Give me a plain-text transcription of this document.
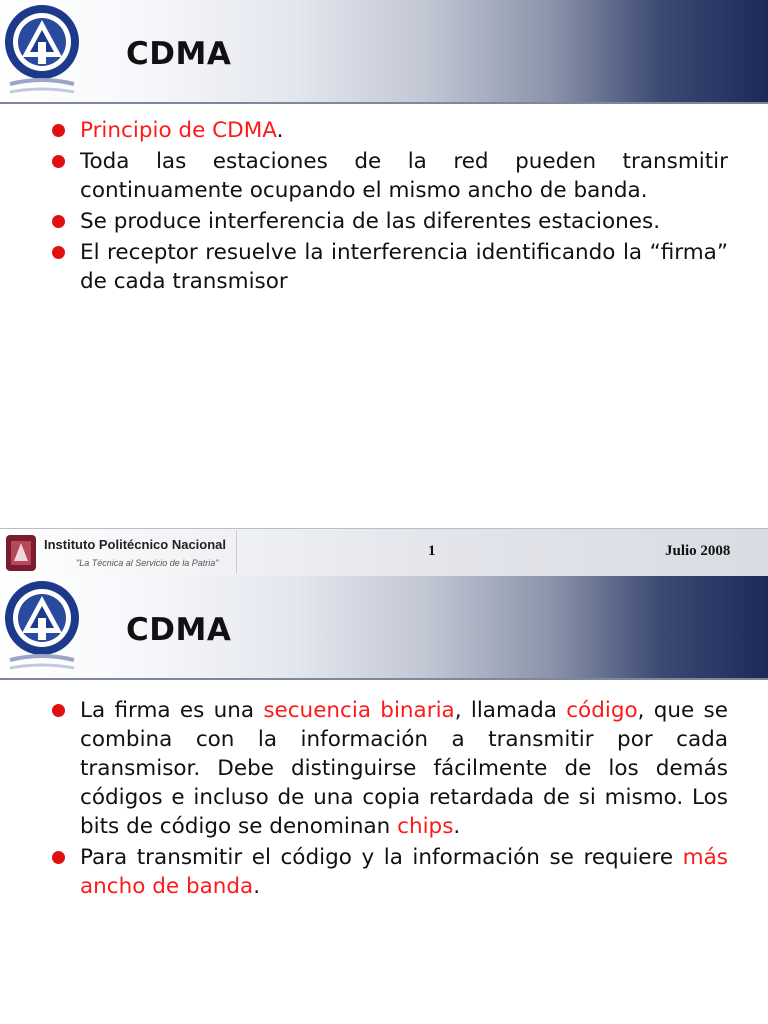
CDMA
Principio de CDMA.
Toda las estaciones de la red pueden transmitir continuamente ocupando el mismo ancho de banda.
Se produce interferencia de las diferentes estaciones.
El receptor resuelve la interferencia identificando la “firma” de cada transmisor
Instituto Politécnico Nacional
"La Técnica al Servicio de la Patria"
1	Julio 2008
CDMA
La firma es una secuencia binaria, llamada código, que se combina con la información a transmitir por cada transmisor. Debe distinguirse fácilmente de los demás códigos e incluso de una copia retardada de si mismo. Los bits de código se denominan chips.
Para transmitir el código y la información se requiere más ancho de banda.
